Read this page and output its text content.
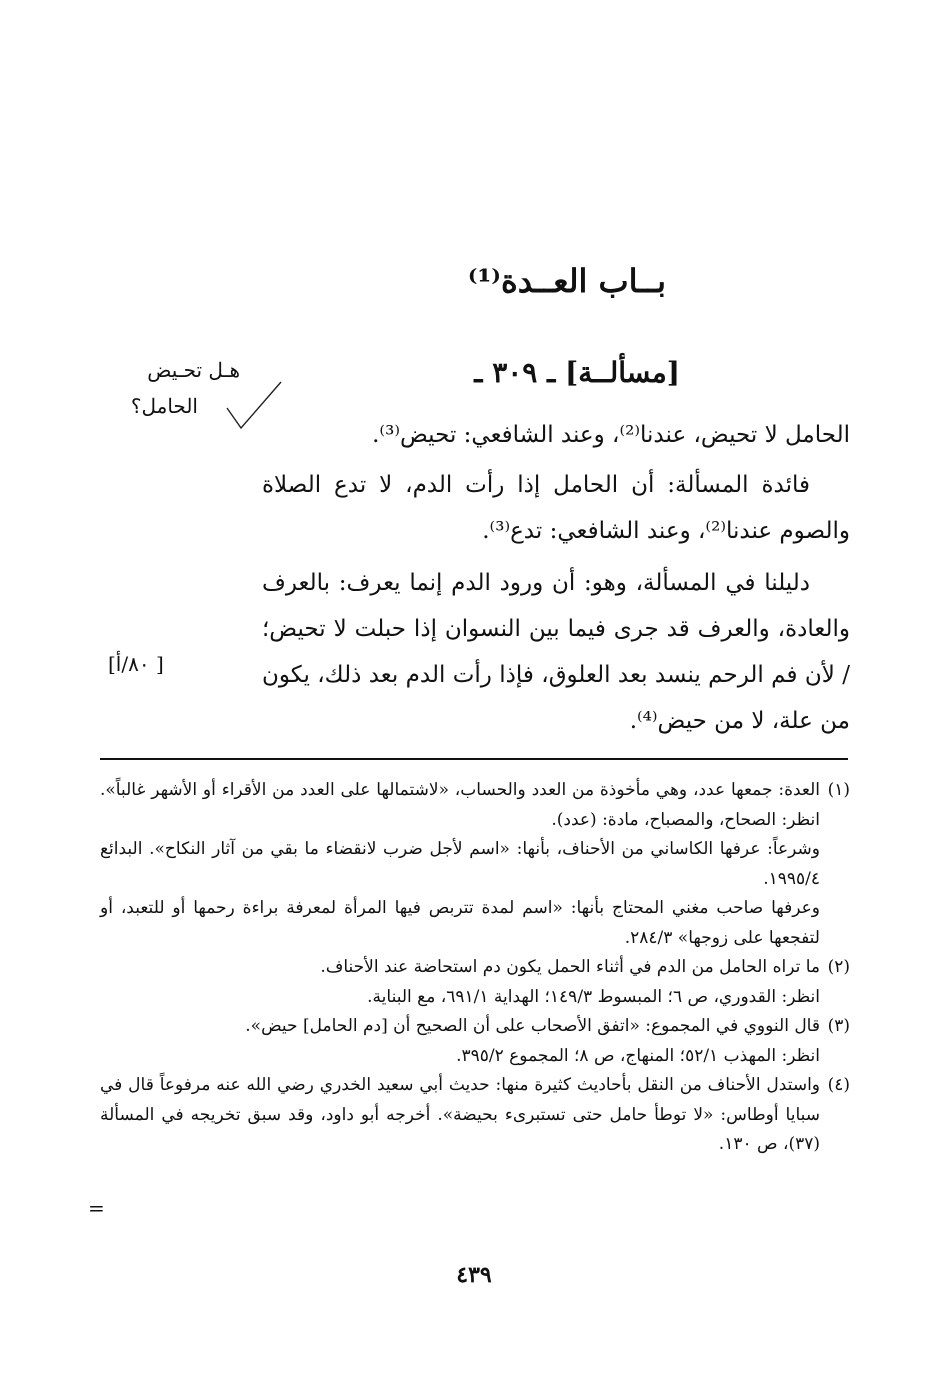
بــاب العــدة⁽¹⁾
[مسألــة] ـ ٣٠٩ ـ
هـل تحـيض
الحامل؟

الحامل لا تحيض، عندنا⁽²⁾، وعند الشافعي: تحيض⁽³⁾.

فائدة المسألة: أن الحامل إذا رأت الدم، لا تدع الصلاة والصوم عندنا⁽²⁾، وعند الشافعي: تدع⁽³⁾.

دليلنا في المسألة، وهو: أن ورود الدم إنما يعرف: بالعرف والعادة، والعرف قد جرى فيما بين النسوان إذا حبلت لا تحيض؛ / لأن فم الرحم ينسد بعد العلوق، فإذا رأت الدم بعد ذلك، يكون من علة، لا من حيض⁽⁴⁾.

[ ٨٠/أ]
(١)

العدة: جمعها عدد، وهي مأخوذة من العدد والحساب، «لاشتمالها على العدد من الأقراء أو الأشهر غالباً». انظر: الصحاح، والمصباح، مادة: (عدد).

وشرعاً: عرفها الكاساني من الأحناف، بأنها: «اسم لأجل ضرب لانقضاء ما بقي من آثار النكاح». البدائع ١٩٩٥/٤.

وعرفها صاحب مغني المحتاج بأنها: «اسم لمدة تتربص فيها المرأة لمعرفة براءة رحمها أو للتعبد، أو لتفجعها على زوجها» ٢٨٤/٣.

(٢)

ما تراه الحامل من الدم في أثناء الحمل يكون دم استحاضة عند الأحناف.

انظر: القدوري، ص ٦؛ المبسوط ١٤٩/٣؛ الهداية ٦٩١/١، مع البناية.

(٣)

قال النووي في المجموع: «اتفق الأصحاب على أن الصحيح أن [دم الحامل] حيض».

انظر: المهذب ٥٢/١؛ المنهاج، ص ٨؛ المجموع ٣٩٥/٢.

(٤)

واستدل الأحناف من النقل بأحاديث كثيرة منها: حديث أبي سعيد الخدري رضي الله عنه مرفوعاً قال في سبايا أوطاس: «لا توطأ حامل حتى تستبرىء بحيضة». أخرجه أبو داود، وقد سبق تخريجه في المسألة (٣٧)، ص ١٣٠.

=
٤٣٩
